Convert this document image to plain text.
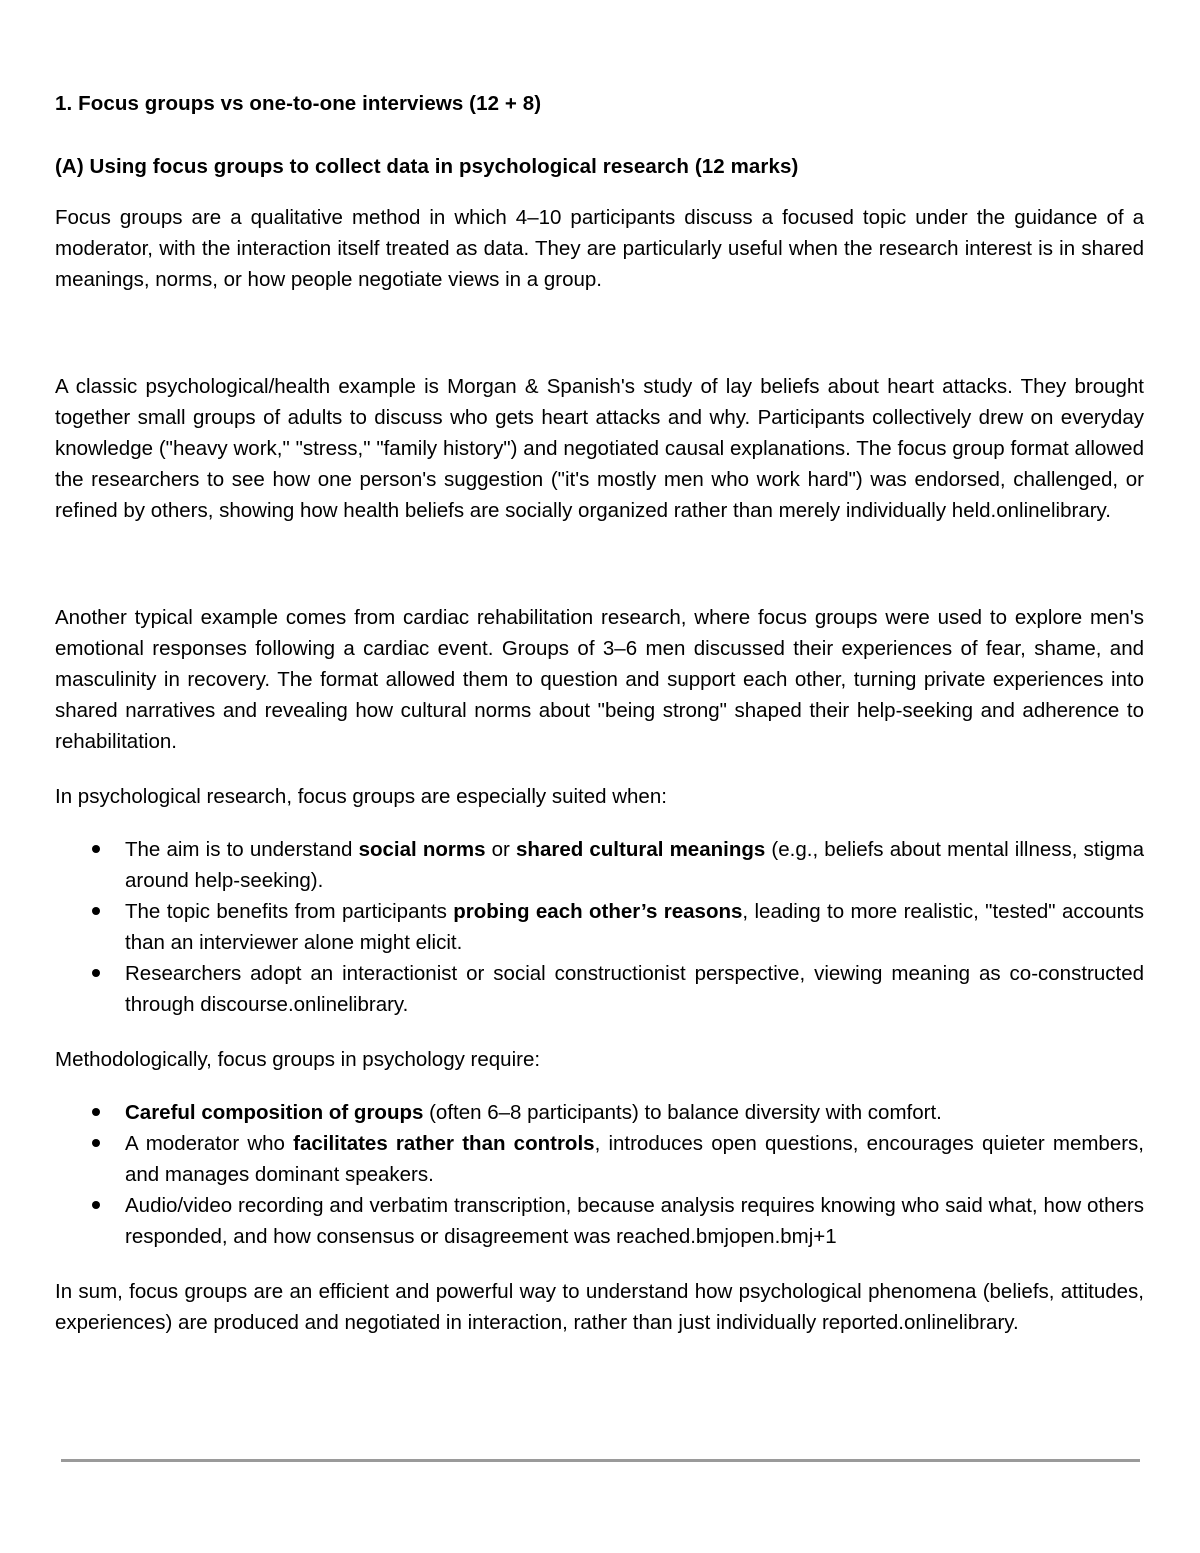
1. Focus groups vs one‑to‑one interviews (12 + 8)
(A) Using focus groups to collect data in psychological research (12 marks)

Focus groups are a qualitative method in which 4–10 participants discuss a focused topic under the guidance of a moderator, with the interaction itself treated as data. They are particularly useful when the research interest is in shared meanings, norms, or how people negotiate views in a group.

A classic psychological/health example is Morgan & Spanish's study of lay beliefs about heart attacks. They brought together small groups of adults to discuss who gets heart attacks and why. Participants collectively drew on everyday knowledge ("heavy work," "stress," "family history") and negotiated causal explanations. The focus group format allowed the researchers to see how one person's suggestion ("it's mostly men who work hard") was endorsed, challenged, or refined by others, showing how health beliefs are socially organized rather than merely individually held.onlinelibrary.

Another typical example comes from cardiac rehabilitation research, where focus groups were used to explore men's emotional responses following a cardiac event. Groups of 3–6 men discussed their experiences of fear, shame, and masculinity in recovery. The format allowed them to question and support each other, turning private experiences into shared narratives and revealing how cultural norms about "being strong" shaped their help‑seeking and adherence to rehabilitation.

In psychological research, focus groups are especially suited when:

The aim is to understand social norms or shared cultural meanings (e.g., beliefs about mental illness, stigma around help‑seeking).
The topic benefits from participants probing each other’s reasons, leading to more realistic, "tested" accounts than an interviewer alone might elicit.
Researchers adopt an interactionist or social constructionist perspective, viewing meaning as co‑constructed through discourse.onlinelibrary.

Methodologically, focus groups in psychology require:

Careful composition of groups (often 6–8 participants) to balance diversity with comfort.
A moderator who facilitates rather than controls, introduces open questions, encourages quieter members, and manages dominant speakers.
Audio/video recording and verbatim transcription, because analysis requires knowing who said what, how others responded, and how consensus or disagreement was reached.bmjopen.bmj+1

In sum, focus groups are an efficient and powerful way to understand how psychological phenomena (beliefs, attitudes, experiences) are produced and negotiated in interaction, rather than just individually reported.onlinelibrary.
